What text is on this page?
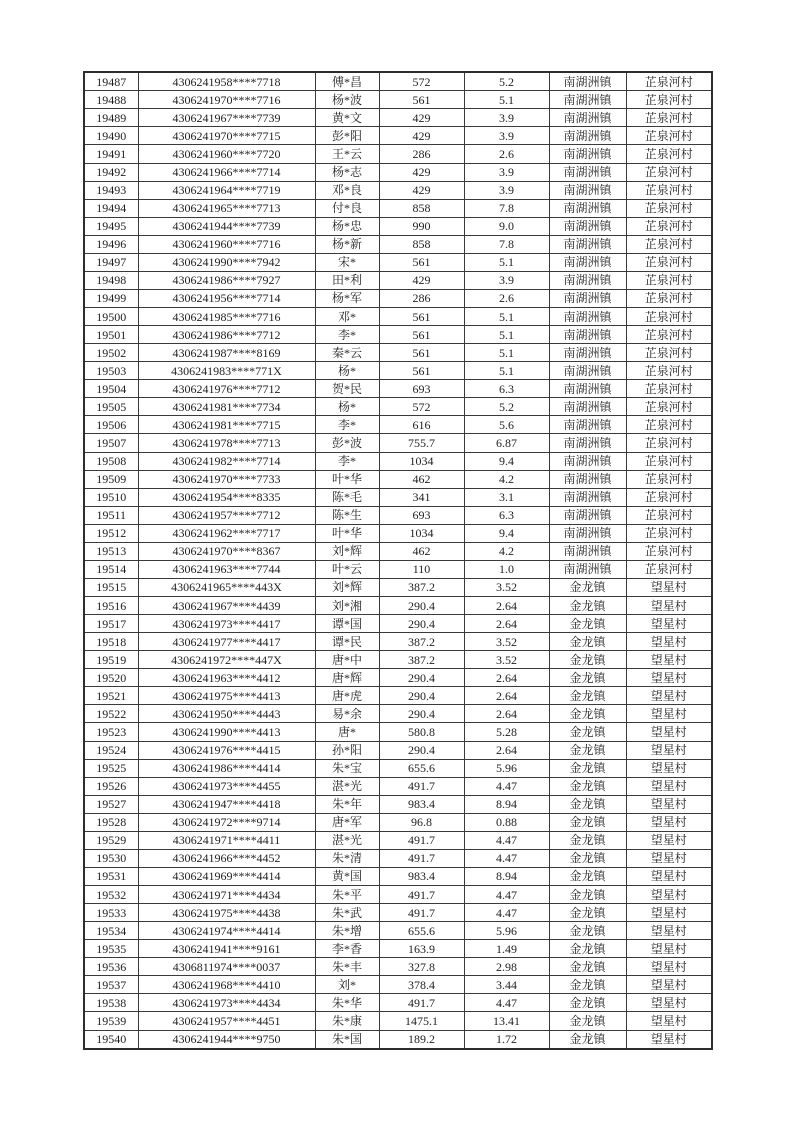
19487	4306241958****7718	傅*昌	572	5.2	南湖洲镇	芷泉河村
19488	4306241970****7716	杨*波	561	5.1	南湖洲镇	芷泉河村
19489	4306241967****7739	黄*文	429	3.9	南湖洲镇	芷泉河村
19490	4306241970****7715	彭*阳	429	3.9	南湖洲镇	芷泉河村
19491	4306241960****7720	王*云	286	2.6	南湖洲镇	芷泉河村
19492	4306241966****7714	杨*志	429	3.9	南湖洲镇	芷泉河村
19493	4306241964****7719	邓*良	429	3.9	南湖洲镇	芷泉河村
19494	4306241965****7713	付*良	858	7.8	南湖洲镇	芷泉河村
19495	4306241944****7739	杨*忠	990	9.0	南湖洲镇	芷泉河村
19496	4306241960****7716	杨*新	858	7.8	南湖洲镇	芷泉河村
19497	4306241990****7942	宋*	561	5.1	南湖洲镇	芷泉河村
19498	4306241986****7927	田*利	429	3.9	南湖洲镇	芷泉河村
19499	4306241956****7714	杨*军	286	2.6	南湖洲镇	芷泉河村
19500	4306241985****7716	邓*	561	5.1	南湖洲镇	芷泉河村
19501	4306241986****7712	李*	561	5.1	南湖洲镇	芷泉河村
19502	4306241987****8169	秦*云	561	5.1	南湖洲镇	芷泉河村
19503	4306241983****771X	杨*	561	5.1	南湖洲镇	芷泉河村
19504	4306241976****7712	贺*民	693	6.3	南湖洲镇	芷泉河村
19505	4306241981****7734	杨*	572	5.2	南湖洲镇	芷泉河村
19506	4306241981****7715	李*	616	5.6	南湖洲镇	芷泉河村
19507	4306241978****7713	彭*波	755.7	6.87	南湖洲镇	芷泉河村
19508	4306241982****7714	李*	1034	9.4	南湖洲镇	芷泉河村
19509	4306241970****7733	叶*华	462	4.2	南湖洲镇	芷泉河村
19510	4306241954****8335	陈*毛	341	3.1	南湖洲镇	芷泉河村
19511	4306241957****7712	陈*生	693	6.3	南湖洲镇	芷泉河村
19512	4306241962****7717	叶*华	1034	9.4	南湖洲镇	芷泉河村
19513	4306241970****8367	刘*辉	462	4.2	南湖洲镇	芷泉河村
19514	4306241963****7744	叶*云	110	1.0	南湖洲镇	芷泉河村
19515	4306241965****443X	刘*辉	387.2	3.52	金龙镇	望星村
19516	4306241967****4439	刘*湘	290.4	2.64	金龙镇	望星村
19517	4306241973****4417	谭*国	290.4	2.64	金龙镇	望星村
19518	4306241977****4417	谭*民	387.2	3.52	金龙镇	望星村
19519	4306241972****447X	唐*中	387.2	3.52	金龙镇	望星村
19520	4306241963****4412	唐*辉	290.4	2.64	金龙镇	望星村
19521	4306241975****4413	唐*虎	290.4	2.64	金龙镇	望星村
19522	4306241950****4443	易*余	290.4	2.64	金龙镇	望星村
19523	4306241990****4413	唐*	580.8	5.28	金龙镇	望星村
19524	4306241976****4415	孙*阳	290.4	2.64	金龙镇	望星村
19525	4306241986****4414	朱*宝	655.6	5.96	金龙镇	望星村
19526	4306241973****4455	湛*光	491.7	4.47	金龙镇	望星村
19527	4306241947****4418	朱*年	983.4	8.94	金龙镇	望星村
19528	4306241972****9714	唐*军	96.8	0.88	金龙镇	望星村
19529	4306241971****4411	湛*光	491.7	4.47	金龙镇	望星村
19530	4306241966****4452	朱*清	491.7	4.47	金龙镇	望星村
19531	4306241969****4414	黄*国	983.4	8.94	金龙镇	望星村
19532	4306241971****4434	朱*平	491.7	4.47	金龙镇	望星村
19533	4306241975****4438	朱*武	491.7	4.47	金龙镇	望星村
19534	4306241974****4414	朱*增	655.6	5.96	金龙镇	望星村
19535	4306241941****9161	李*香	163.9	1.49	金龙镇	望星村
19536	4306811974****0037	朱*丰	327.8	2.98	金龙镇	望星村
19537	4306241968****4410	刘*	378.4	3.44	金龙镇	望星村
19538	4306241973****4434	朱*华	491.7	4.47	金龙镇	望星村
19539	4306241957****4451	朱*康	1475.1	13.41	金龙镇	望星村
19540	4306241944****9750	朱*国	189.2	1.72	金龙镇	望星村
